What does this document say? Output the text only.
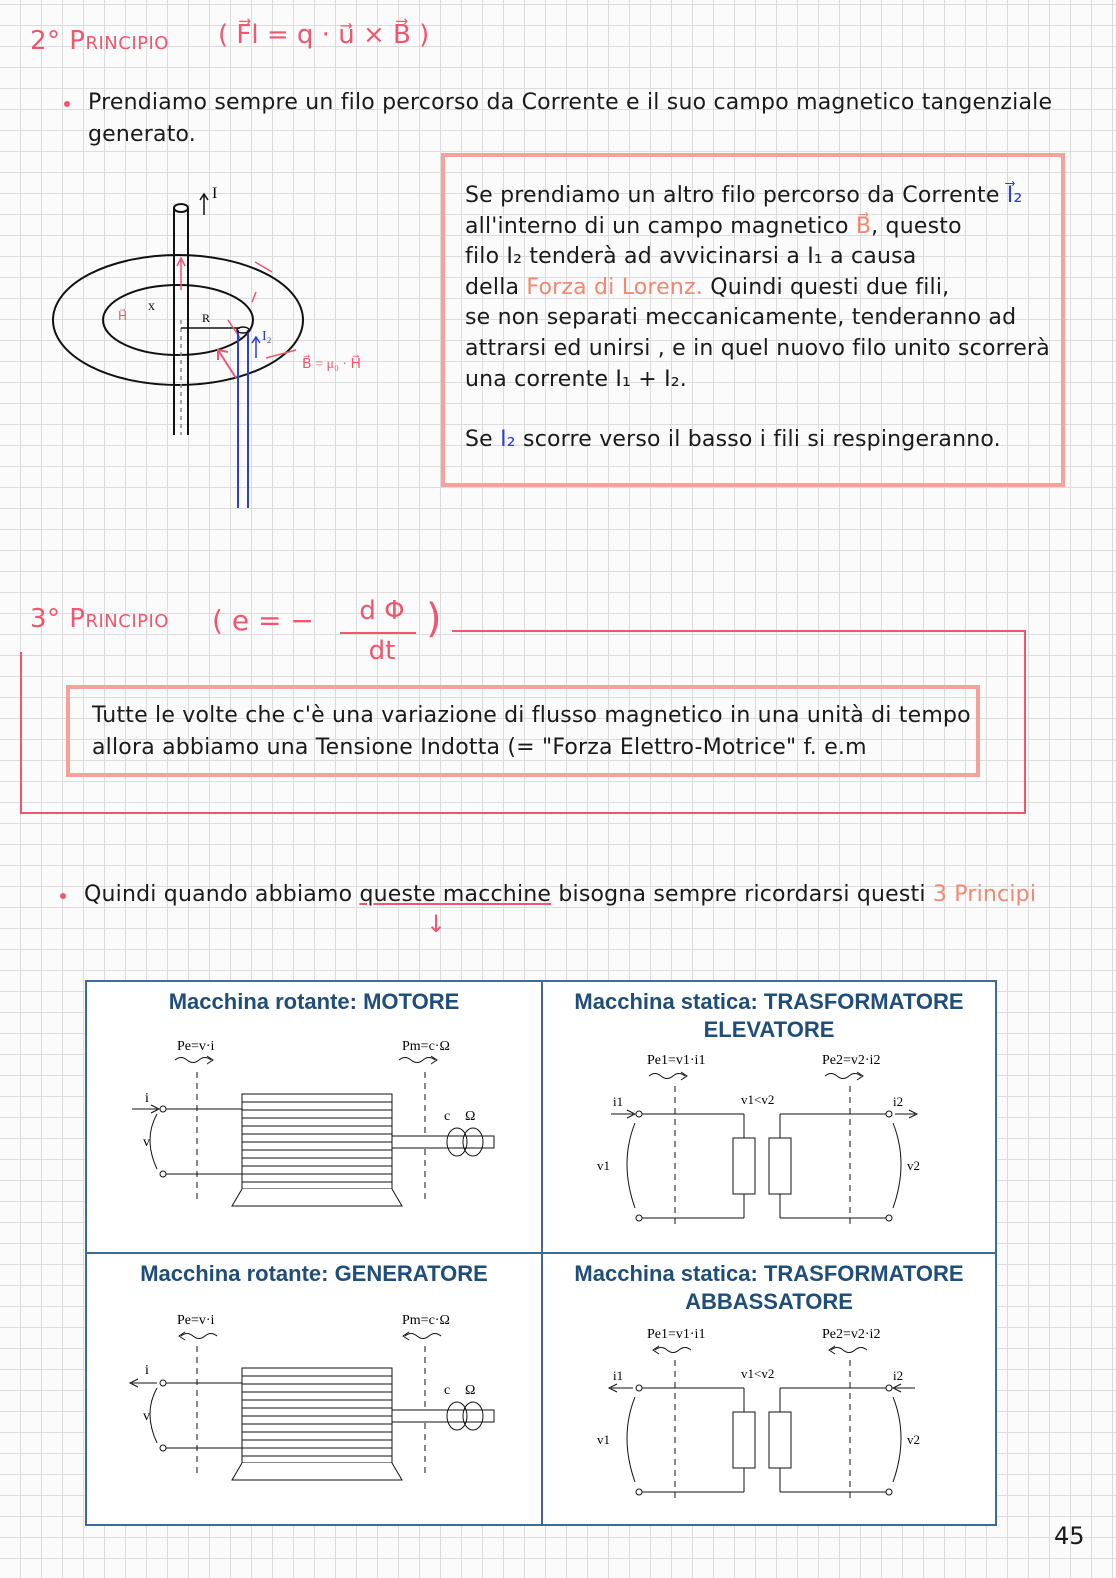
2° Principio ( F⃗l = q · u⃗ × B⃗ )
Prendiamo sempre un filo percorso da Corrente e il suo campo magnetico tangenziale
generato.
I
R
x
H⃗
I₂
B⃗ = μ₀ · H⃗
Se prendiamo un altro filo percorso da Corrente I⃗₂
all'interno di un campo magnetico B⃗, questo
filo I₂ tenderà ad avvicinarsi a I₁ a causa
della Forza di Lorenz. Quindi questi due fili,
se non separati meccanicamente, tenderanno ad
attrarsi ed unirsi , e in quel nuovo filo unito scorrerà
una corrente I₁ + I₂.
Se I₂ scorre verso il basso i fili si respingeranno.
3° Principio ( e = − d Φ
dt
)
Tutte le volte che c'è una variazione di flusso magnetico in una unità di tempo
allora abbiamo una Tensione Indotta (= "Forza Elettro-Motrice" f. e.m
Quindi quando abbiamo queste macchine bisogna sempre ricordarsi questi 3 Principi
↓
Macchina rotante: MOTORE
Pe=v·i	Pm=c·Ω
i
v
c Ω
Macchina statica: TRASFORMATORE
ELEVATORE
Pe1=v1·i1	Pe2=v2·i2
v1<v2
i1	i2
v1	v2
Macchina rotante: GENERATORE
Pe=v·i	Pm=c·Ω
i
v
c Ω
Macchina statica: TRASFORMATORE
ABBASSATORE
Pe1=v1·i1	Pe2=v2·i2
v1<v2
i1	i2
v1	v2
45
